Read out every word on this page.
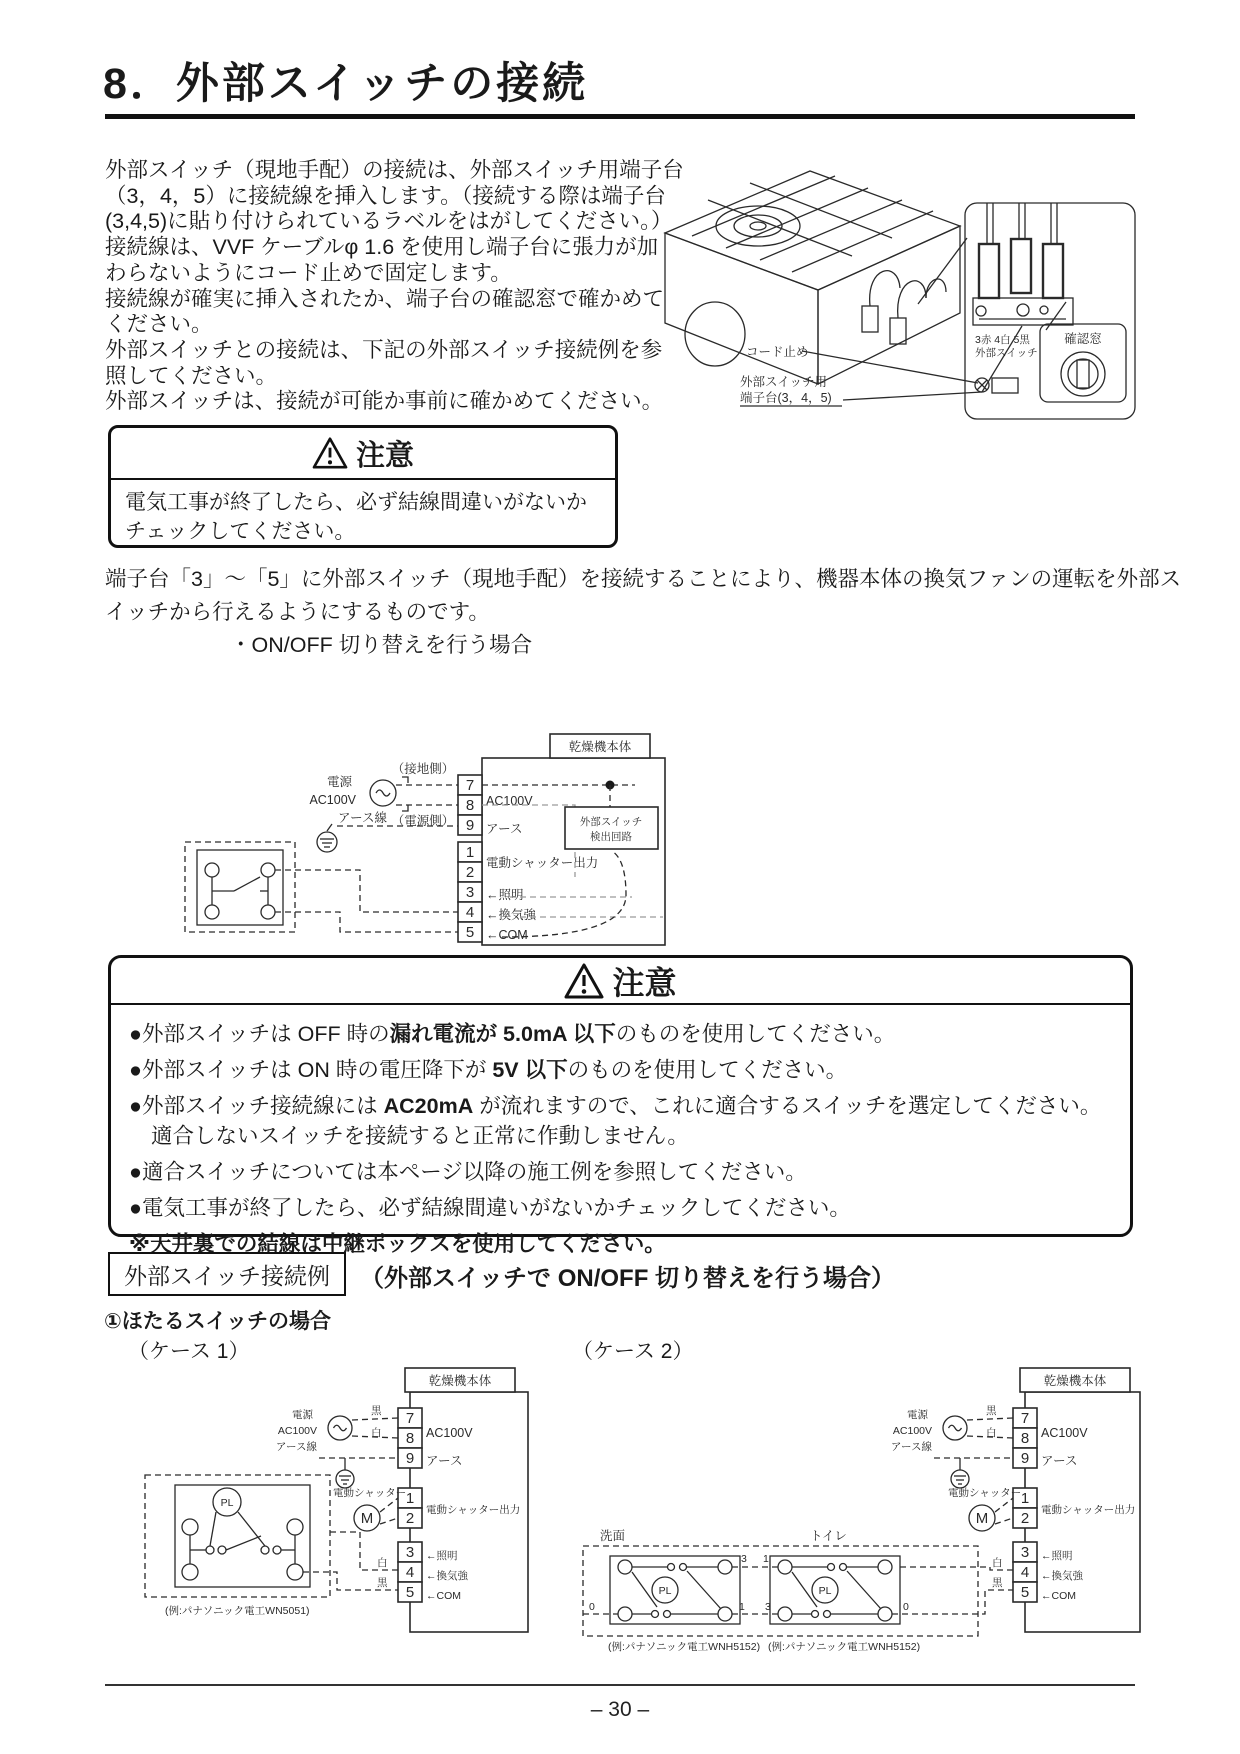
8．外部スイッチの接続
外部スイッチ（現地手配）の接続は、外部スイッチ用端子台
（3，4，5）に接続線を挿入します。（接続する際は端子台
(3,4,5)に貼り付けられているラベルをはがしてください。）
接続線は、VVF ケーブルφ 1.6 を使用し端子台に張力が加
わらないようにコード止めで固定します。
接続線が確実に挿入されたか、端子台の確認窓で確かめて
ください。
外部スイッチとの接続は、下記の外部スイッチ接続例を参
照してください。
外部スイッチは、接続が可能か事前に確かめてください。
3赤 4白 5黒
外部スイッチ
確認窓
コード止め
外部スイッチ用
端子台(3，4，5)
注意
電気工事が終了したら、必ず結線間違いがないかチェックしてください。
端子台「3」～「5」に外部スイッチ（現地手配）を接続することにより、機器本体の換気ファンの運転を外部ス
イッチから行えるようにするものです。
・ON/OFF 切り替えを行う場合
乾燥機本体
7
8
9
1
2
3
4
5
AC100V
アース
電動シャッター出力
←照明
←換気強
←COM
電源
AC100V
（接地側）
（電源側）
アース線	外部スイッチ
検出回路
注意
●外部スイッチは OFF 時の漏れ電流が 5.0mA 以下のものを使用してください。
●外部スイッチは ON 時の電圧降下が 5V 以下のものを使用してください。
●外部スイッチ接続線には AC20mA が流れますので、これに適合するスイッチを選定してください。
適合しないスイッチを接続すると正常に作動しません。
●適合スイッチについては本ページ以降の施工例を参照してください。
●電気工事が終了したら、必ず結線間違いがないかチェックしてください。
※天井裏での結線は中継ボックスを使用してください。
外部スイッチ接続例 （外部スイッチで ON/OFF 切り替えを行う場合）
①ほたるスイッチの場合
（ケース 1）	（ケース 2）
乾燥機本体
7
8
9
1
2
3
4
5
AC100V
アース
電動シャッター出力
←照明
←換気強
←COM
電源
AC100V
アース線
黒
白
電動シャッター
M
PL
白
黒
(例:パナソニック電工WN5051)
乾燥機本体
7
8
9
1
2
3
4
5
AC100V
アース
電動シャッター出力
←照明
←換気強
←COM
電源
AC100V
アース線
黒
白
電動シャッター
M
洗面	トイレ
PL	PL
3 1
0	1 3	0
白
黒
(例:パナソニック電工WNH5152) (例:パナソニック電工WNH5152)
– 30 –
